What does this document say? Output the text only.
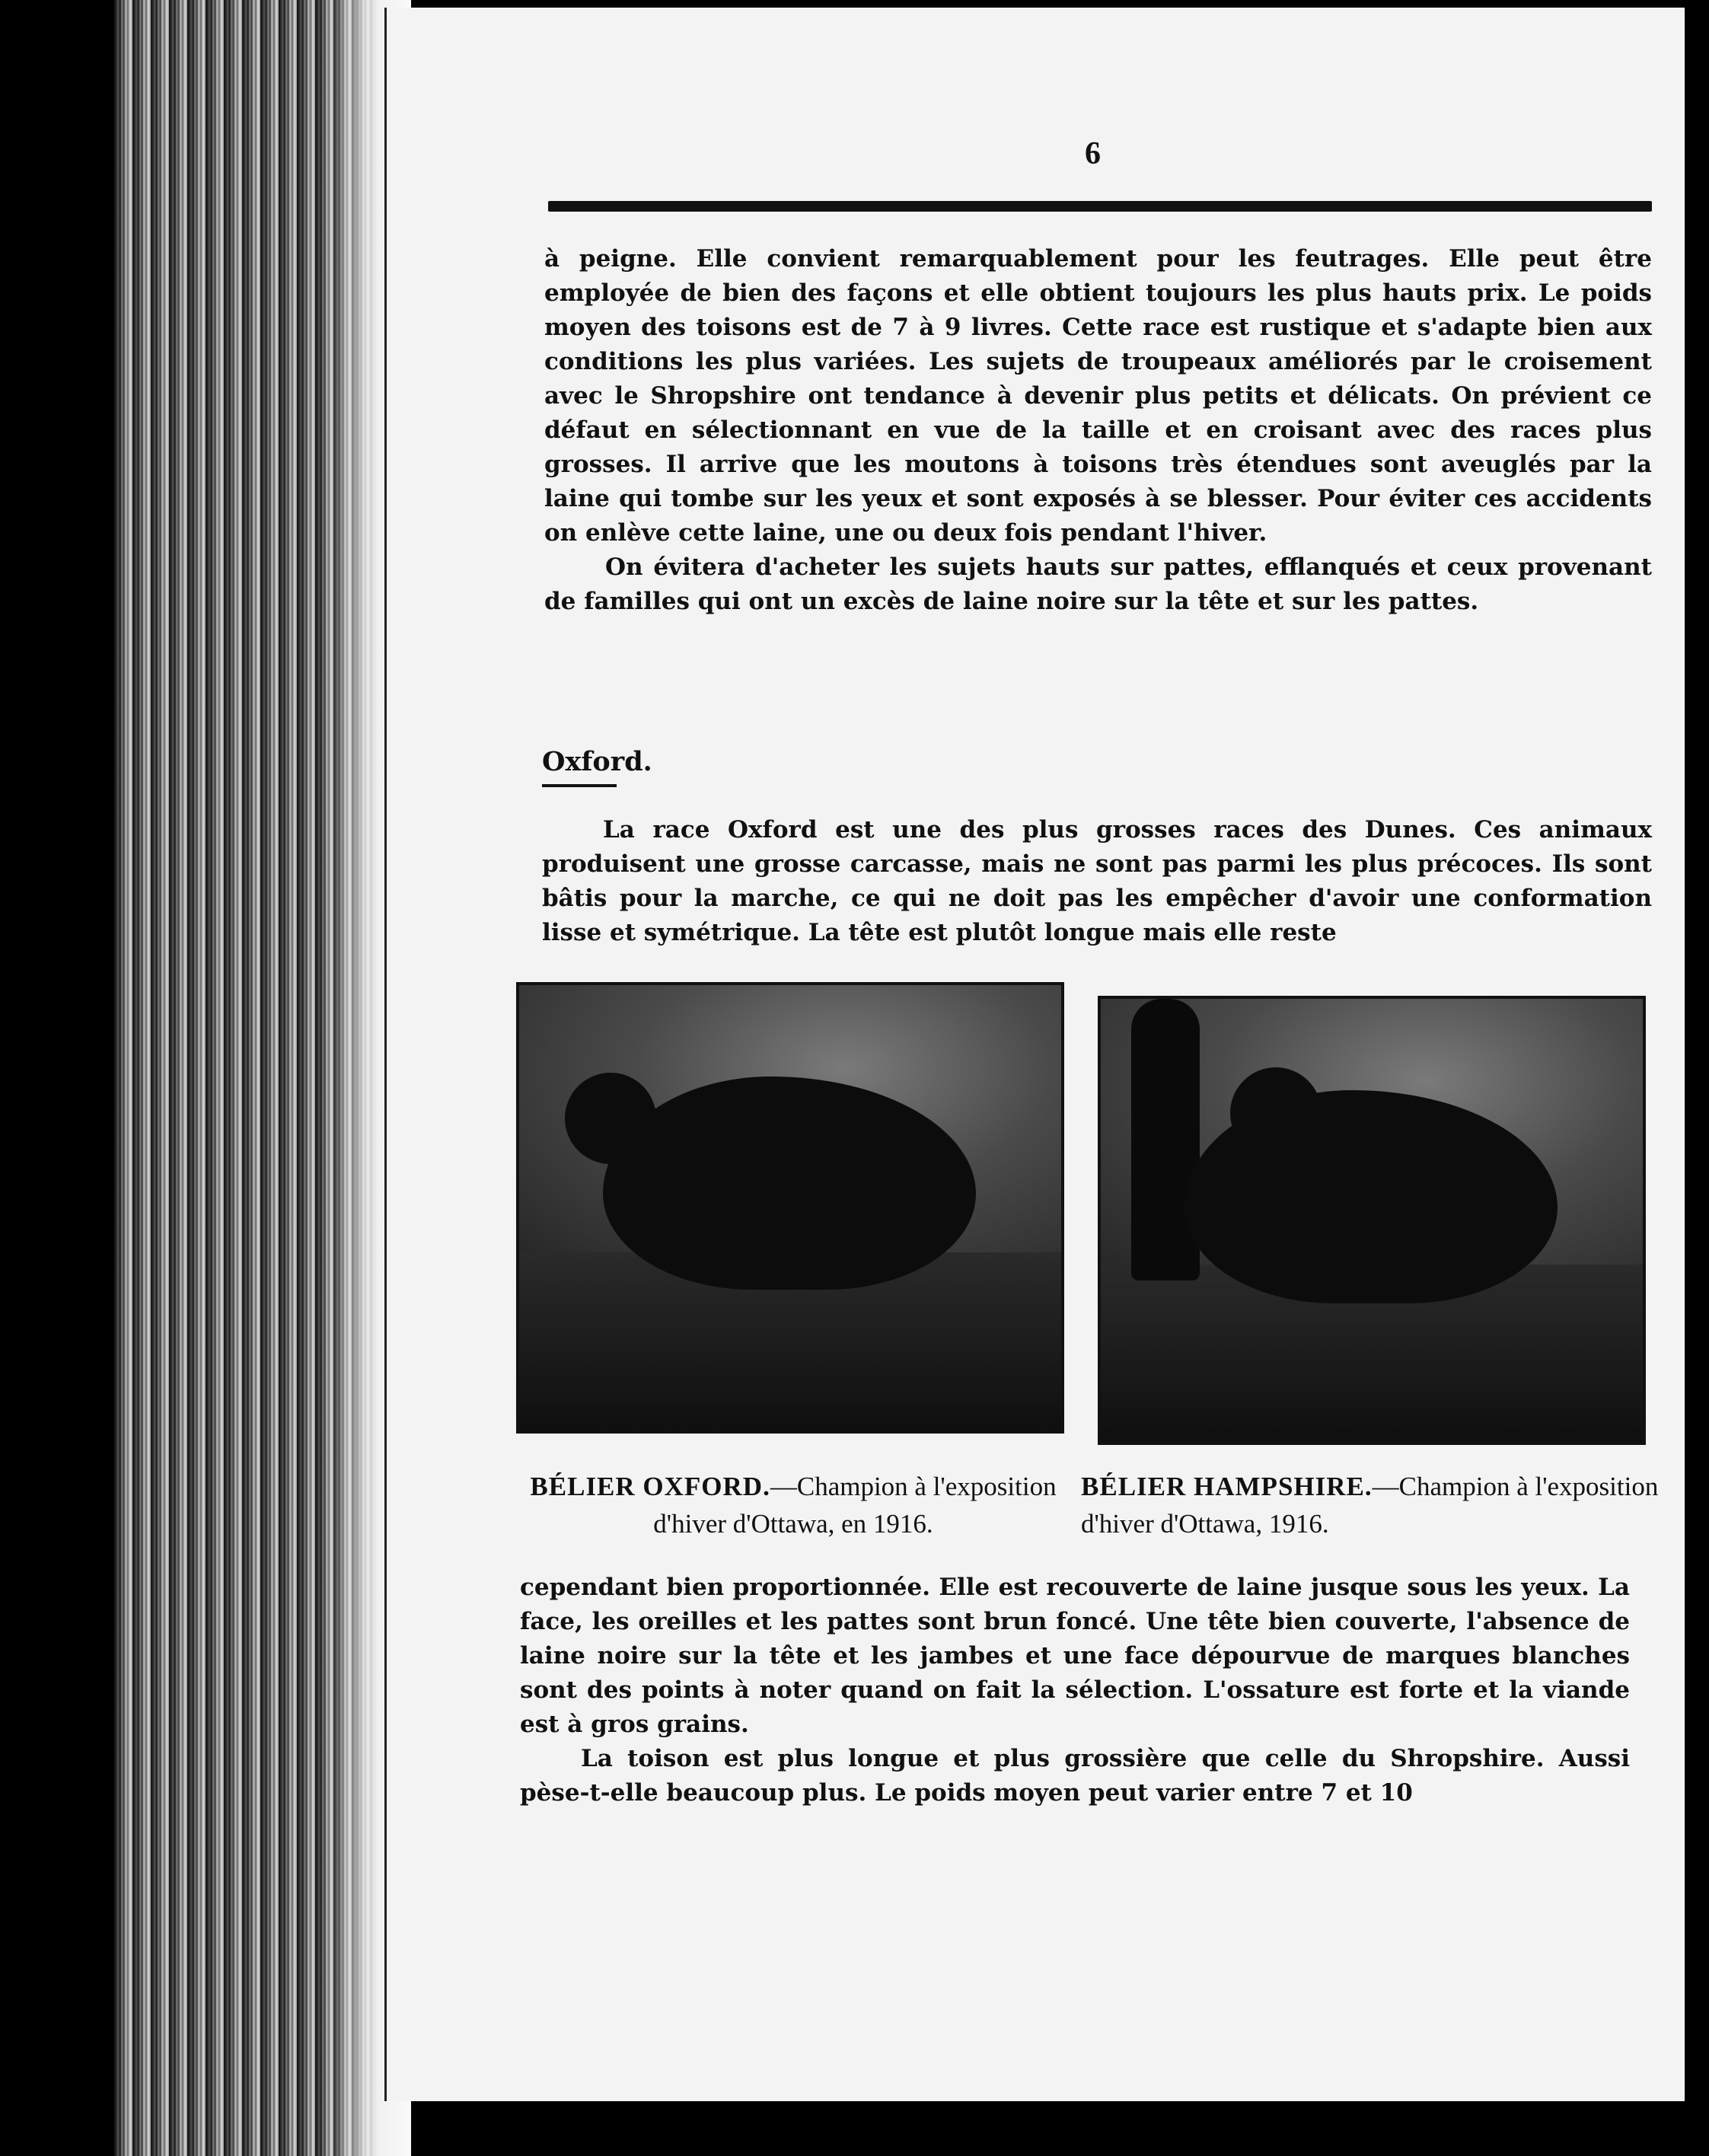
6

à peigne. Elle convient remarquablement pour les feutrages. Elle peut être employée de bien des façons et elle obtient toujours les plus hauts prix. Le poids moyen des toisons est de 7 à 9 livres. Cette race est rustique et s'adapte bien aux conditions les plus variées. Les sujets de troupeaux améliorés par le croisement avec le Shropshire ont tendance à devenir plus petits et délicats. On prévient ce défaut en sélectionnant en vue de la taille et en croisant avec des races plus grosses. Il arrive que les moutons à toisons très étendues sont aveuglés par la laine qui tombe sur les yeux et sont exposés à se blesser. Pour éviter ces accidents on enlève cette laine, une ou deux fois pendant l'hiver.

On évitera d'acheter les sujets hauts sur pattes, efflanqués et ceux provenant de familles qui ont un excès de laine noire sur la tête et sur les pattes.

Oxford.

La race Oxford est une des plus grosses races des Dunes. Ces animaux produisent une grosse carcasse, mais ne sont pas parmi les plus précoces. Ils sont bâtis pour la marche, ce qui ne doit pas les empêcher d'avoir une conformation lisse et symétrique. La tête est plutôt longue mais elle reste

BÉLIER OXFORD.—Champion à l'exposition d'hiver d'Ottawa, en 1916.
BÉLIER HAMPSHIRE.—Champion à l'exposition d'hiver d'Ottawa, 1916.

cependant bien proportionnée. Elle est recouverte de laine jusque sous les yeux. La face, les oreilles et les pattes sont brun foncé. Une tête bien couverte, l'absence de laine noire sur la tête et les jambes et une face dépourvue de marques blanches sont des points à noter quand on fait la sélection. L'ossature est forte et la viande est à gros grains.

La toison est plus longue et plus grossière que celle du Shropshire. Aussi pèse-t-elle beaucoup plus. Le poids moyen peut varier entre 7 et 10
